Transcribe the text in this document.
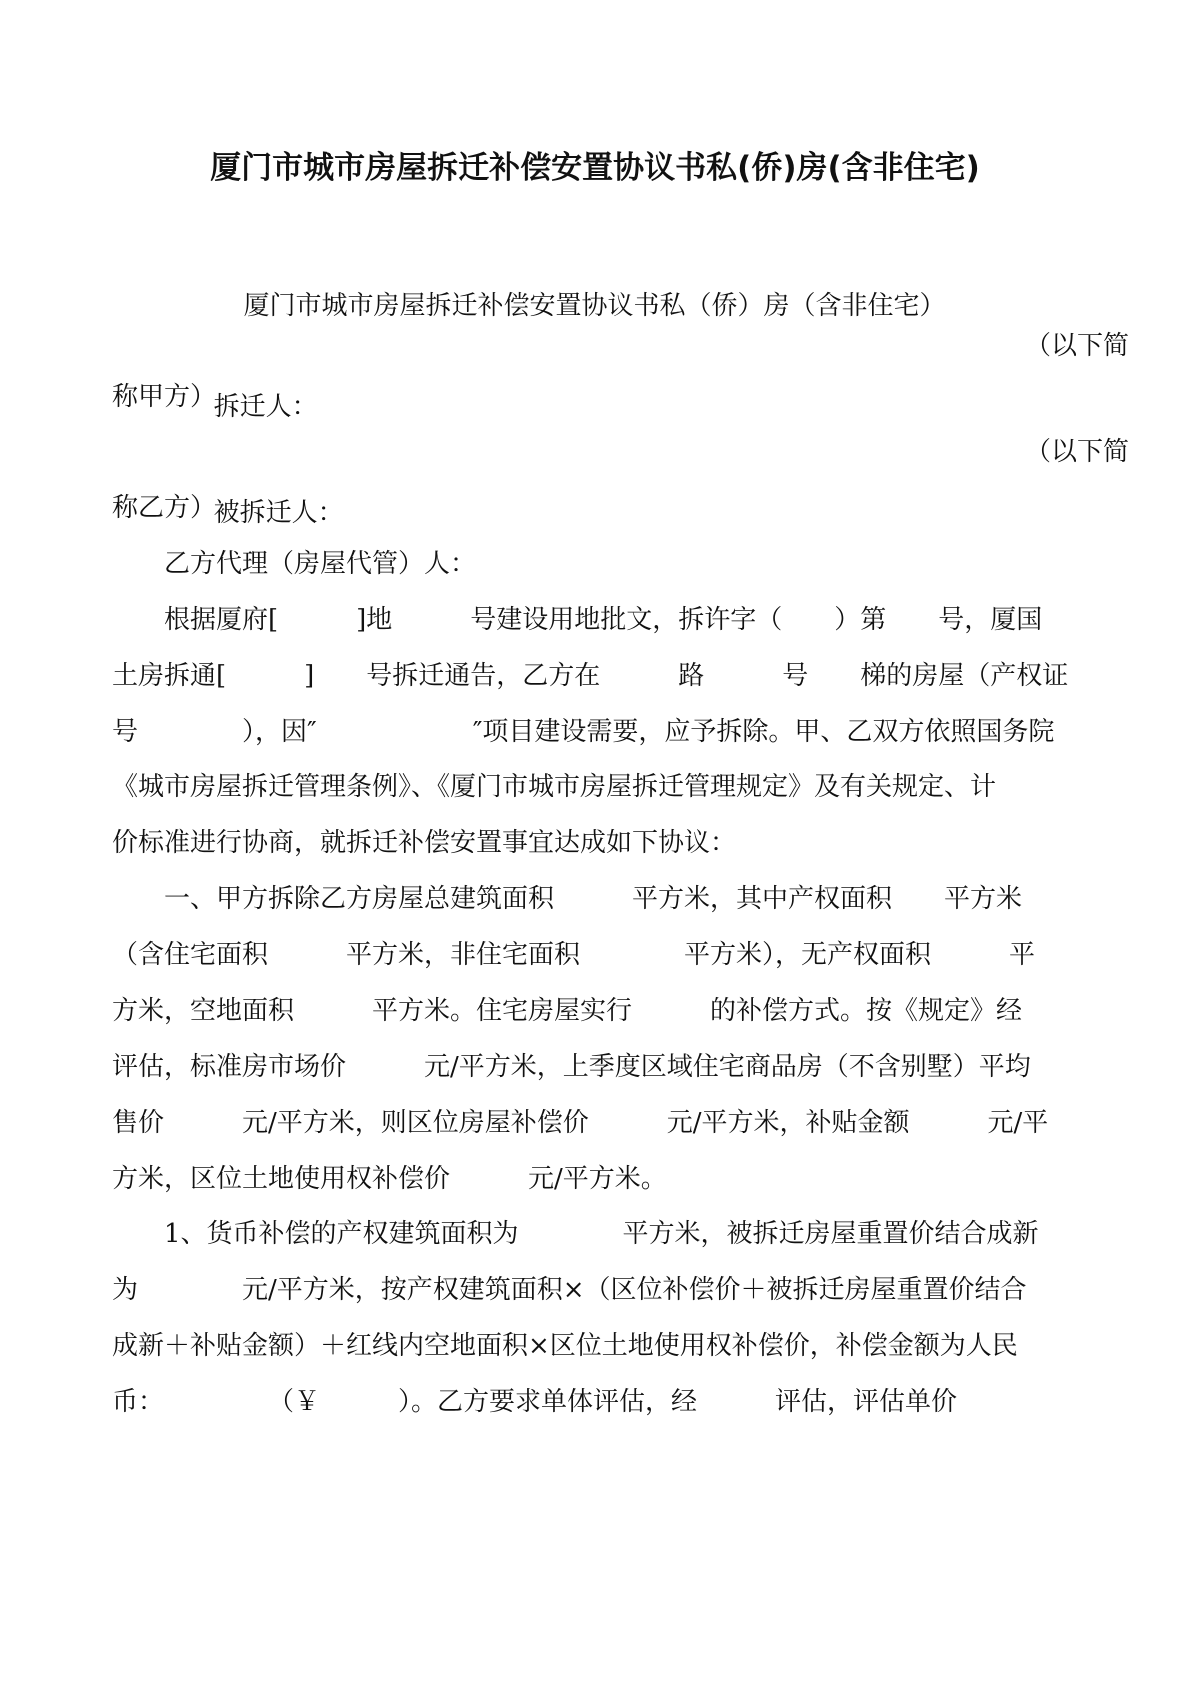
厦门市城市房屋拆迁补偿安置协议书私(侨)房(含非住宅)

厦门市城市房屋拆迁补偿安置协议书私（侨）房（含非住宅）

拆迁人：

（以下简

称甲方）

被拆迁人：

（以下简

称乙方）

乙方代理（房屋代管）人：

根据厦府[　　　]地　　　号建设用地批文，拆许字（　　）第　　号，厦国

土房拆通[　　　]　　号拆迁通告，乙方在　　　路　　　号　　梯的房屋（产权证

号　　　　），因″　　　　　　″项目建设需要，应予拆除。甲、乙双方依照国务院

《城市房屋拆迁管理条例》、《厦门市城市房屋拆迁管理规定》及有关规定、计

价标准进行协商，就拆迁补偿安置事宜达成如下协议：

一、甲方拆除乙方房屋总建筑面积　　　平方米，其中产权面积　　平方米

（含住宅面积　　　平方米，非住宅面积　　　　平方米），无产权面积　　　平

方米，空地面积　　　平方米。住宅房屋实行　　　的补偿方式。按《规定》经

评估，标准房市场价　　　元/平方米，上季度区域住宅商品房（不含别墅）平均

售价　　　元/平方米，则区位房屋补偿价　　　元/平方米，补贴金额　　　元/平

方米，区位土地使用权补偿价　　　元/平方米。

1、货币补偿的产权建筑面积为　　　　平方米，被拆迁房屋重置价结合成新

为　　　　元/平方米，按产权建筑面积×（区位补偿价＋被拆迁房屋重置价结合

成新＋补贴金额）＋红线内空地面积×区位土地使用权补偿价，补偿金额为人民

币：　　　　　（￥　　　）。乙方要求单体评估，经　　　评估，评估单价
